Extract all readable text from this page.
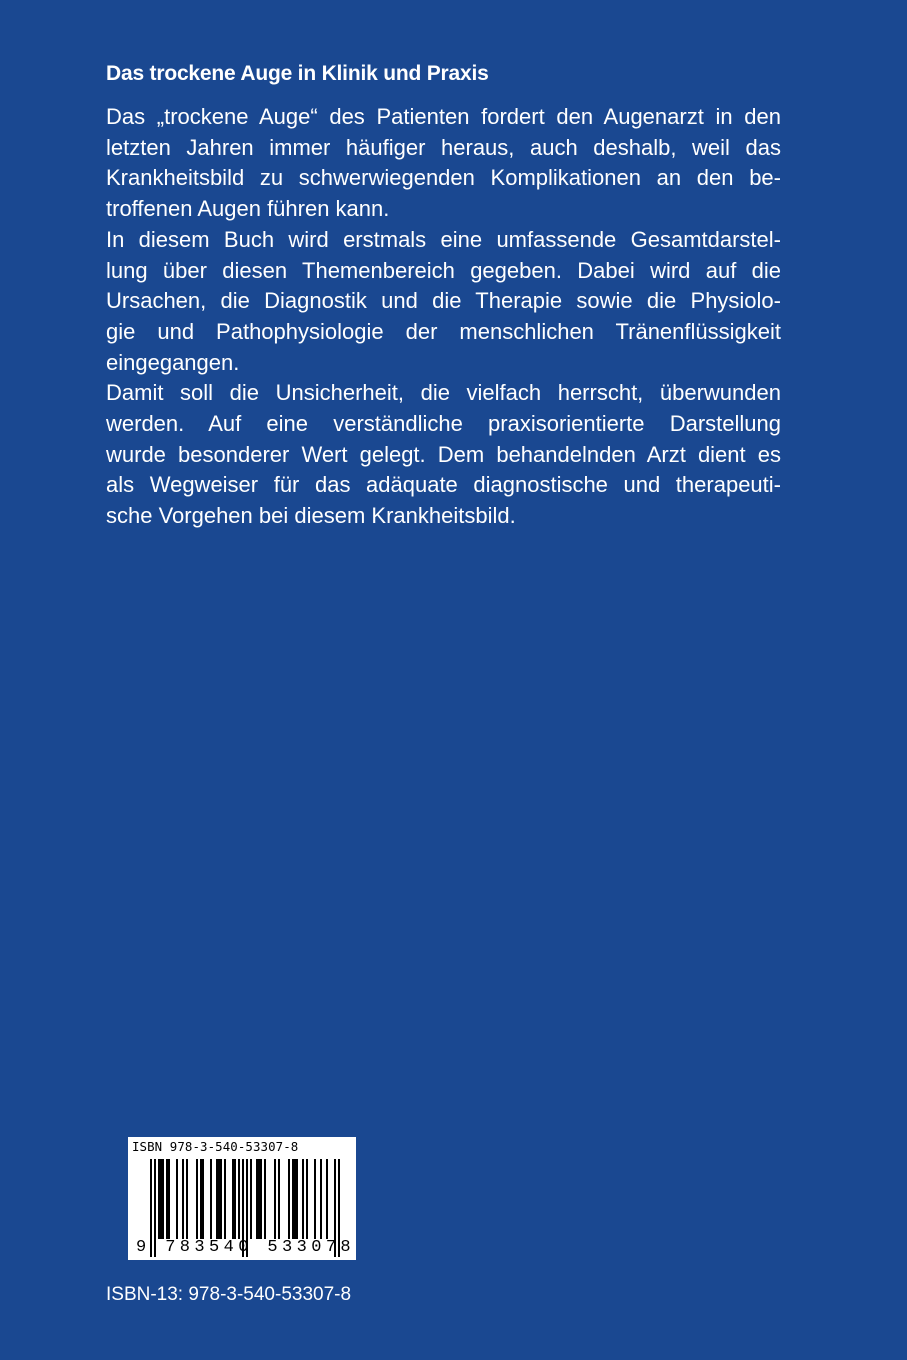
Das trockene Auge in Klinik und Praxis

Das „trockene Auge“ des Patienten fordert den Augenarzt in den
letzten Jahren immer häufiger heraus, auch deshalb, weil das
Krankheitsbild zu schwerwiegenden Komplikationen an den be-
troffenen Augen führen kann.

In diesem Buch wird erstmals eine umfassende Gesamtdarstel-
lung über diesen Themenbereich gegeben. Dabei wird auf die
Ursachen, die Diagnostik und die Therapie sowie die Physiolo-
gie und Pathophysiologie der menschlichen Tränenflüssigkeit
eingegangen.

Damit soll die Unsicherheit, die vielfach herrscht, überwunden
werden. Auf eine verständliche praxisorientierte Darstellung
wurde besonderer Wert gelegt. Dem behandelnden Arzt dient es
als Wegweiser für das adäquate diagnostische und therapeuti-
sche Vorgehen bei diesem Krankheitsbild.

ISBN 978-3-540-53307-8
9 783540 533078
ISBN-13: 978-3-540-53307-8
